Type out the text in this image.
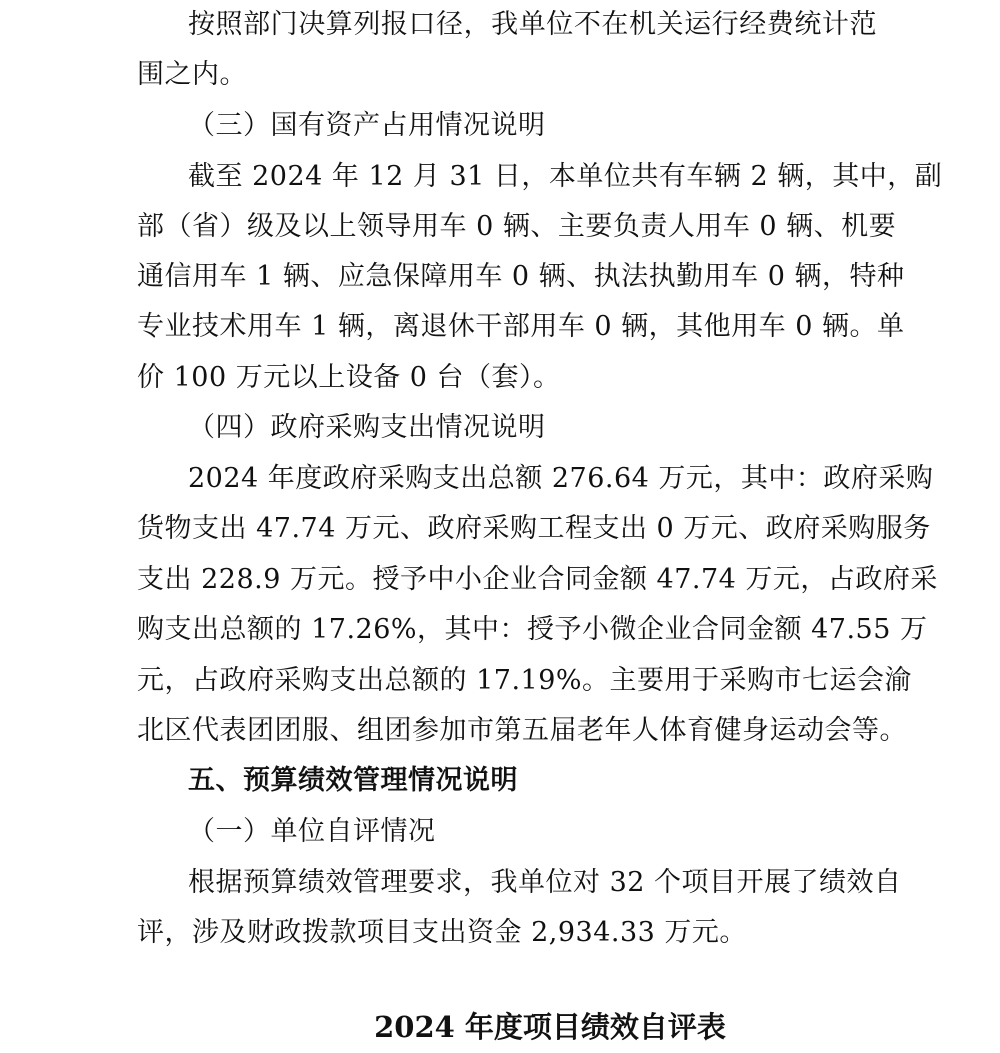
按照部门决算列报口径，我单位不在机关运行经费统计范
围之内。
（三）国有资产占用情况说明
截至 2024 年 12 月 31 日，本单位共有车辆 2 辆，其中，副
部（省）级及以上领导用车 0 辆、主要负责人用车 0 辆、机要
通信用车 1 辆、应急保障用车 0 辆、执法执勤用车 0 辆，特种
专业技术用车 1 辆，离退休干部用车 0 辆，其他用车 0 辆。单
价 100 万元以上设备 0 台（套）。
（四）政府采购支出情况说明
2024 年度政府采购支出总额 276.64 万元，其中：政府采购
货物支出 47.74 万元、政府采购工程支出 0 万元、政府采购服务
支出 228.9 万元。授予中小企业合同金额 47.74 万元，占政府采
购支出总额的 17.26%，其中：授予小微企业合同金额 47.55 万
元，占政府采购支出总额的 17.19%。主要用于采购市七运会渝
北区代表团团服、组团参加市第五届老年人体育健身运动会等。
五、预算绩效管理情况说明
（一）单位自评情况
根据预算绩效管理要求，我单位对 32 个项目开展了绩效自
评，涉及财政拨款项目支出资金 2,934.33 万元。
2024 年度项目绩效自评表
